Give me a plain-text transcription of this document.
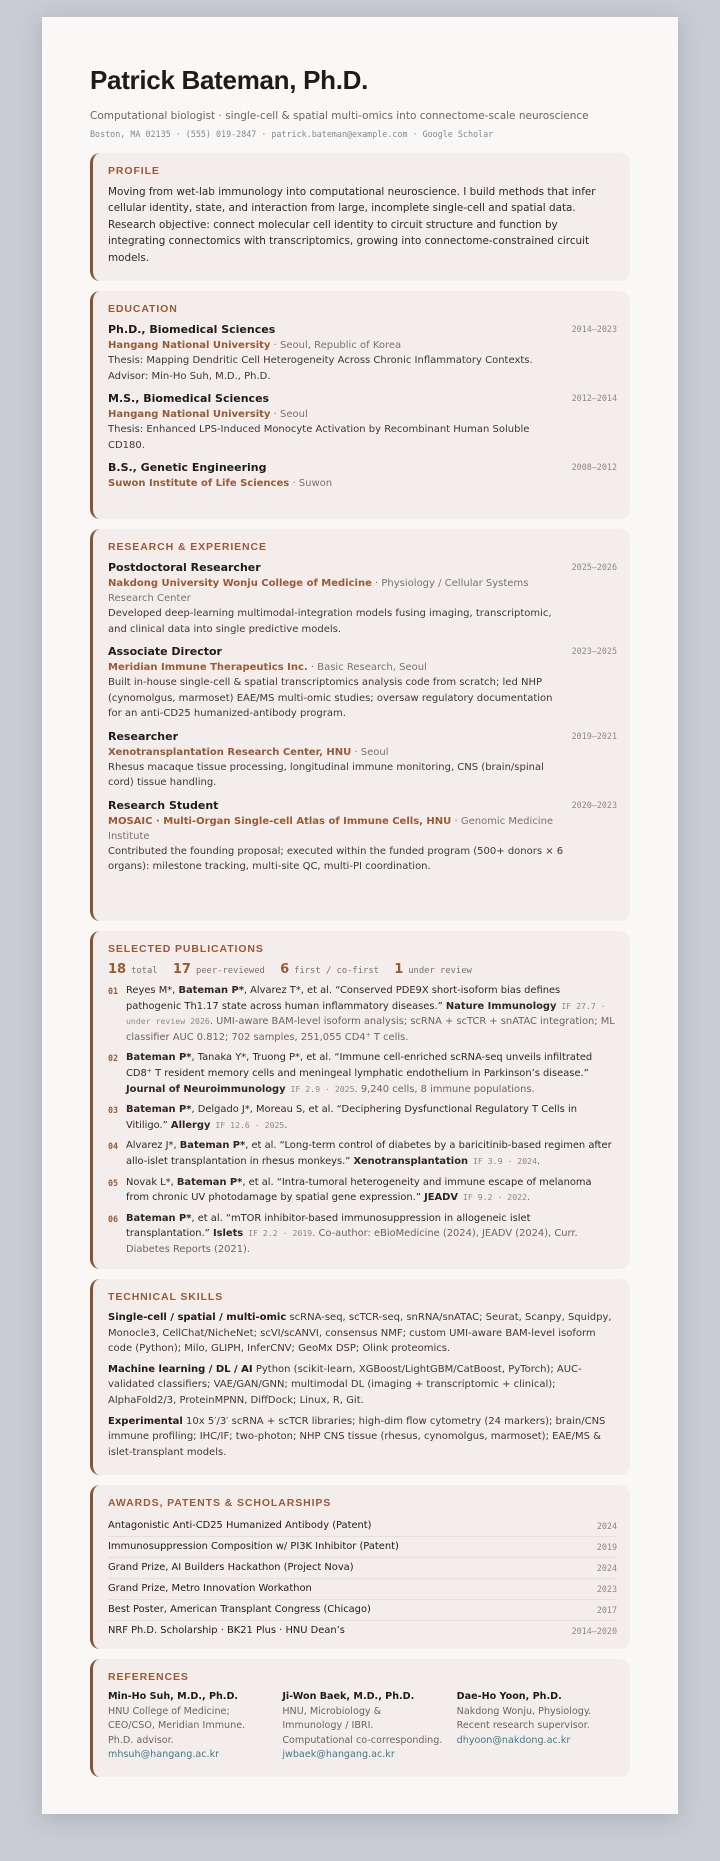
Patrick Bateman, Ph.D.
Computational biologist · single-cell & spatial multi-omics into connectome-scale neuroscience
Boston, MA 02135 · (555) 019-2847 · patrick.bateman@example.com · Google Scholar
PROFILE
Moving from wet-lab immunology into computational neuroscience. I build methods that infer cellular identity, state, and interaction from large, incomplete single-cell and spatial data. Research objective: connect molecular cell identity to circuit structure and function by integrating connectomics with transcriptomics, growing into connectome-constrained circuit models.
EDUCATION
Ph.D., Biomedical Sciences	2014–2023
Hangang National University · Seoul, Republic of Korea
Thesis: Mapping Dendritic Cell Heterogeneity Across Chronic Inflammatory Contexts. Advisor: Min-Ho Suh, M.D., Ph.D.
M.S., Biomedical Sciences	2012–2014
Hangang National University · Seoul
Thesis: Enhanced LPS-Induced Monocyte Activation by Recombinant Human Soluble CD180.
B.S., Genetic Engineering	2008–2012
Suwon Institute of Life Sciences · Suwon
RESEARCH & EXPERIENCE
Postdoctoral Researcher	2025–2026
Nakdong University Wonju College of Medicine · Physiology / Cellular Systems Research Center
Developed deep-learning multimodal-integration models fusing imaging, transcriptomic, and clinical data into single predictive models.
Associate Director	2023–2025
Meridian Immune Therapeutics Inc. · Basic Research, Seoul
Built in-house single-cell & spatial transcriptomics analysis code from scratch; led NHP (cynomolgus, marmoset) EAE/MS multi-omic studies; oversaw regulatory documentation for an anti-CD25 humanized-antibody program.
Researcher	2019–2021
Xenotransplantation Research Center, HNU · Seoul
Rhesus macaque tissue processing, longitudinal immune monitoring, CNS (brain/spinal cord) tissue handling.
Research Student	2020–2023
MOSAIC · Multi-Organ Single-cell Atlas of Immune Cells, HNU · Genomic Medicine Institute
Contributed the founding proposal; executed within the funded program (500+ donors × 6 organs): milestone tracking, multi-site QC, multi-PI coordination.
SELECTED PUBLICATIONS
18 total 17 peer-reviewed 6 first / co-first 1 under review
01 Reyes M*, Bateman P*, Alvarez T*, et al. “Conserved PDE9X short-isoform bias defines pathogenic Th1.17 state across human inflammatory diseases.” Nature Immunology IF 27.7 · under review 2026. UMI-aware BAM-level isoform analysis; scRNA + scTCR + snATAC integration; ML classifier AUC 0.812; 702 samples, 251,055 CD4⁺ T cells.
02 Bateman P*, Tanaka Y*, Truong P*, et al. “Immune cell-enriched scRNA-seq unveils infiltrated CD8⁺ T resident memory cells and meningeal lymphatic endothelium in Parkinson’s disease.” Journal of Neuroimmunology IF 2.9 · 2025. 9,240 cells, 8 immune populations.
03 Bateman P*, Delgado J*, Moreau S, et al. “Deciphering Dysfunctional Regulatory T Cells in Vitiligo.” Allergy IF 12.6 · 2025.
04 Alvarez J*, Bateman P*, et al. “Long-term control of diabetes by a baricitinib-based regimen after allo-islet transplantation in rhesus monkeys.” Xenotransplantation IF 3.9 · 2024.
05 Novak L*, Bateman P*, et al. “Intra-tumoral heterogeneity and immune escape of melanoma from chronic UV photodamage by spatial gene expression.” JEADV IF 9.2 · 2022.
06 Bateman P*, et al. “mTOR inhibitor-based immunosuppression in allogeneic islet transplantation.” Islets IF 2.2 · 2019. Co-author: eBioMedicine (2024), JEADV (2024), Curr. Diabetes Reports (2021).
TECHNICAL SKILLS
Single-cell / spatial / multi-omic scRNA-seq, scTCR-seq, snRNA/snATAC; Seurat, Scanpy, Squidpy, Monocle3, CellChat/NicheNet; scVI/scANVI, consensus NMF; custom UMI-aware BAM-level isoform code (Python); Milo, GLIPH, InferCNV; GeoMx DSP; Olink proteomics.
Machine learning / DL / AI Python (scikit-learn, XGBoost/LightGBM/CatBoost, PyTorch); AUC-validated classifiers; VAE/GAN/GNN; multimodal DL (imaging + transcriptomic + clinical); AlphaFold2/3, ProteinMPNN, DiffDock; Linux, R, Git.
Experimental 10x 5′/3′ scRNA + scTCR libraries; high-dim flow cytometry (24 markers); brain/CNS immune profiling; IHC/IF; two-photon; NHP CNS tissue (rhesus, cynomolgus, marmoset); EAE/MS & islet-transplant models.
AWARDS, PATENTS & SCHOLARSHIPS
Antagonistic Anti-CD25 Humanized Antibody (Patent)	2024
Immunosuppression Composition w/ PI3K Inhibitor (Patent)	2019
Grand Prize, AI Builders Hackathon (Project Nova)	2024
Grand Prize, Metro Innovation Workathon	2023
Best Poster, American Transplant Congress (Chicago)	2017
NRF Ph.D. Scholarship · BK21 Plus · HNU Dean’s	2014–2020
REFERENCES
Min-Ho Suh, M.D., Ph.D.
HNU College of Medicine; CEO/CSO, Meridian Immune. Ph.D. advisor.
mhsuh@hangang.ac.kr
Ji-Won Baek, M.D., Ph.D.
HNU, Microbiology & Immunology / IBRI. Computational co-corresponding.
jwbaek@hangang.ac.kr
Dae-Ho Yoon, Ph.D.
Nakdong Wonju, Physiology. Recent research supervisor.
dhyoon@nakdong.ac.kr
